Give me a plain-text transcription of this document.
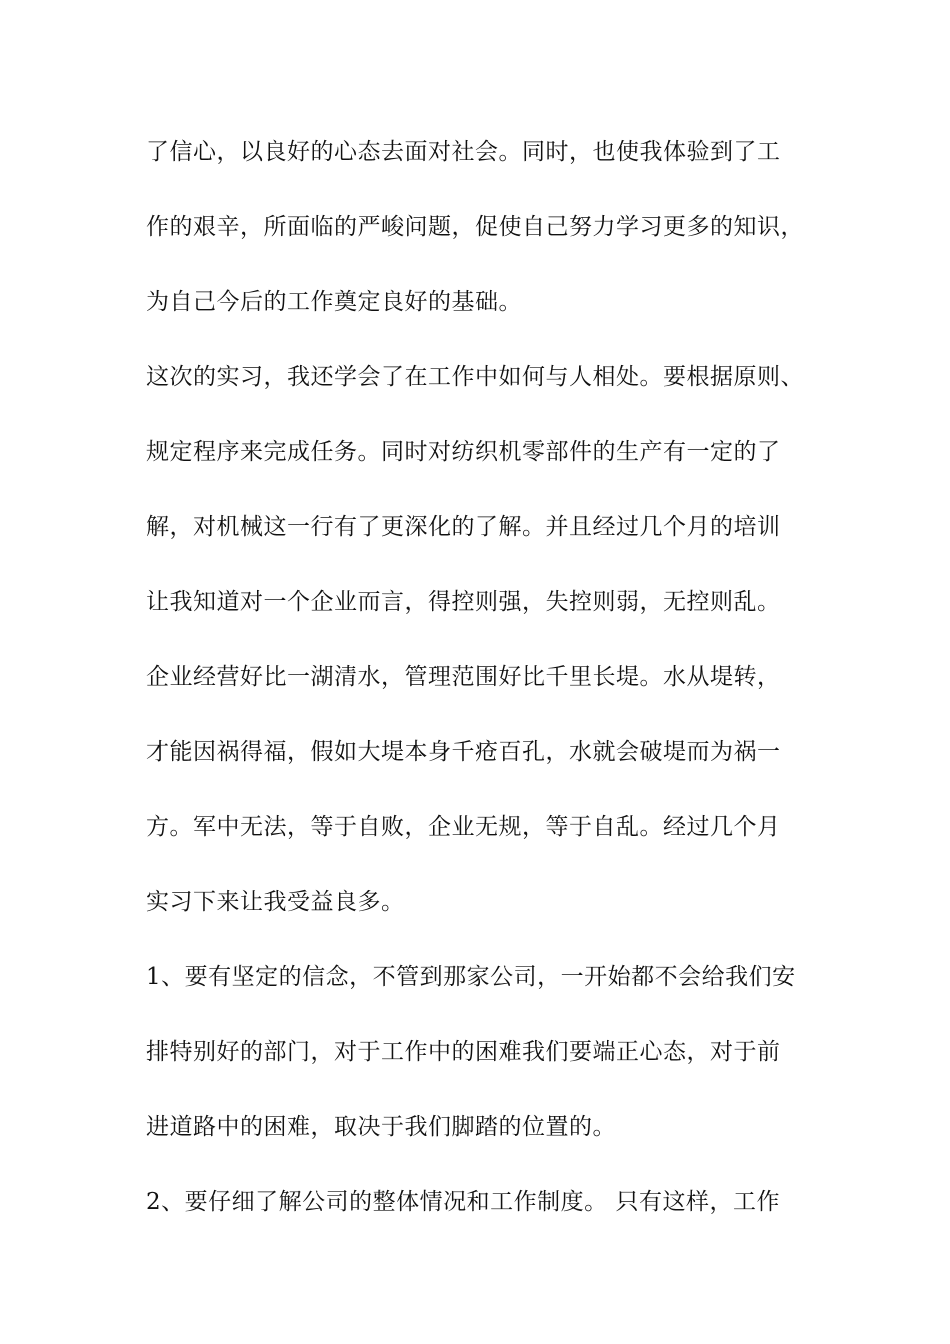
了信心，以良好的心态去面对社会。同时，也使我体验到了工

作的艰辛，所面临的严峻问题，促使自己努力学习更多的知识，

为自己今后的工作奠定良好的基础。

这次的实习，我还学会了在工作中如何与人相处。要根据原则、

规定程序来完成任务。同时对纺织机零部件的生产有一定的了

解，对机械这一行有了更深化的了解。并且经过几个月的培训

让我知道对一个企业而言，得控则强，失控则弱，无控则乱。

企业经营好比一湖清水，管理范围好比千里长堤。水从堤转，

才能因祸得福，假如大堤本身千疮百孔，水就会破堤而为祸一

方。军中无法，等于自败，企业无规，等于自乱。经过几个月

实习下来让我受益良多。

1、要有坚定的信念，不管到那家公司，一开始都不会给我们安

排特别好的部门，对于工作中的困难我们要端正心态，对于前

进道路中的困难，取决于我们脚踏的位置的。

2、要仔细了解公司的整体情况和工作制度。 只有这样，工作
